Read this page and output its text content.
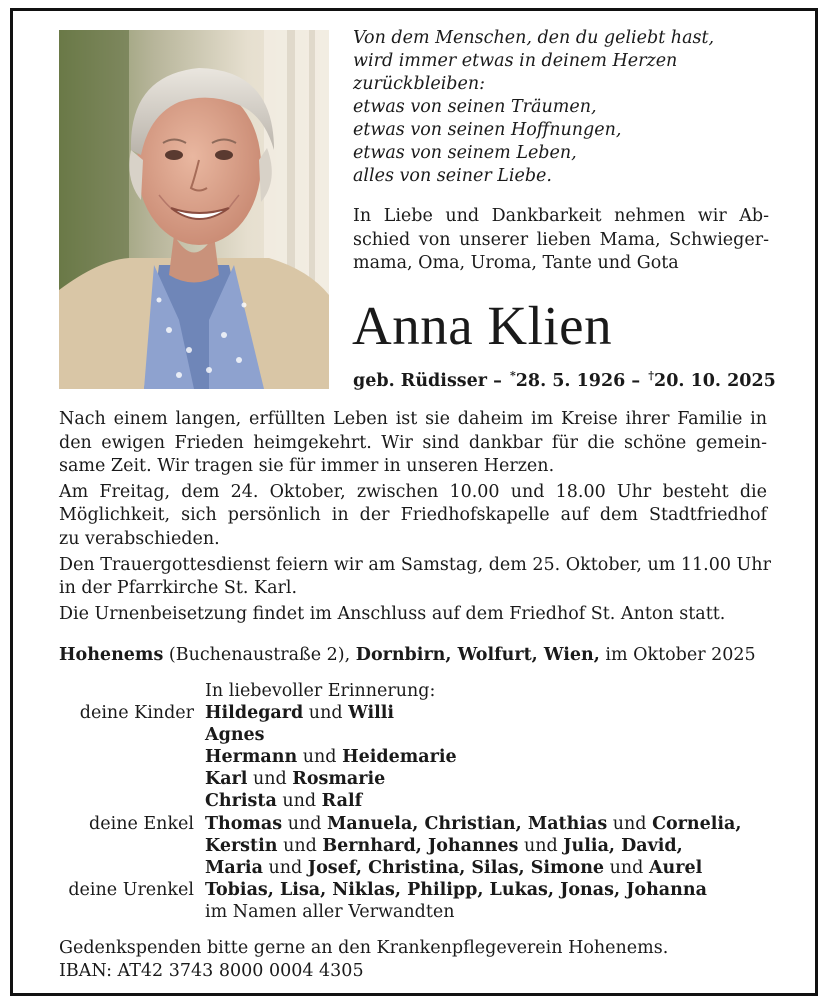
Von dem Menschen, den du geliebt hast,
wird immer etwas in deinem Herzen
zurückbleiben:
etwas von seinen Träumen,
etwas von seinen Hoffnungen,
etwas von seinem Leben,
alles von seiner Liebe.
In Liebe und Dankbarkeit nehmen wir Ab-
schied von unserer lieben Mama, Schwieger-
mama, Oma, Uroma, Tante und Gota
Anna Klien
geb. Rüdisser – *28. 5. 1926 – †20. 10. 2025
Nach einem langen, erfüllten Leben ist sie daheim im Kreise ihrer Familie in
den ewigen Frieden heimgekehrt. Wir sind dankbar für die schöne gemein-
same Zeit. Wir tragen sie für immer in unseren Herzen.
Am Freitag, dem 24. Oktober, zwischen 10.00 und 18.00 Uhr besteht die
Möglichkeit, sich persönlich in der Friedhofskapelle auf dem Stadtfriedhof
zu verabschieden.
Den Trauergottesdienst feiern wir am Samstag, dem 25. Oktober, um 11.00 Uhr
in der Pfarrkirche St. Karl.
Die Urnenbeisetzung findet im Anschluss auf dem Friedhof St. Anton statt.
Hohenems (Buchenaustraße 2), Dornbirn, Wolfurt, Wien, im Oktober 2025
In liebevoller Erinnerung:
deine Kinder Hildegard und Willi
Agnes
Hermann und Heidemarie
Karl und Rosmarie
Christa und Ralf
deine Enkel Thomas und Manuela, Christian, Mathias und Cornelia,
Kerstin und Bernhard, Johannes und Julia, David,
Maria und Josef, Christina, Silas, Simone und Aurel
deine Urenkel Tobias, Lisa, Niklas, Philipp, Lukas, Jonas, Johanna
im Namen aller Verwandten
Gedenkspenden bitte gerne an den Krankenpflegeverein Hohenems.
IBAN: AT42 3743 8000 0004 4305
